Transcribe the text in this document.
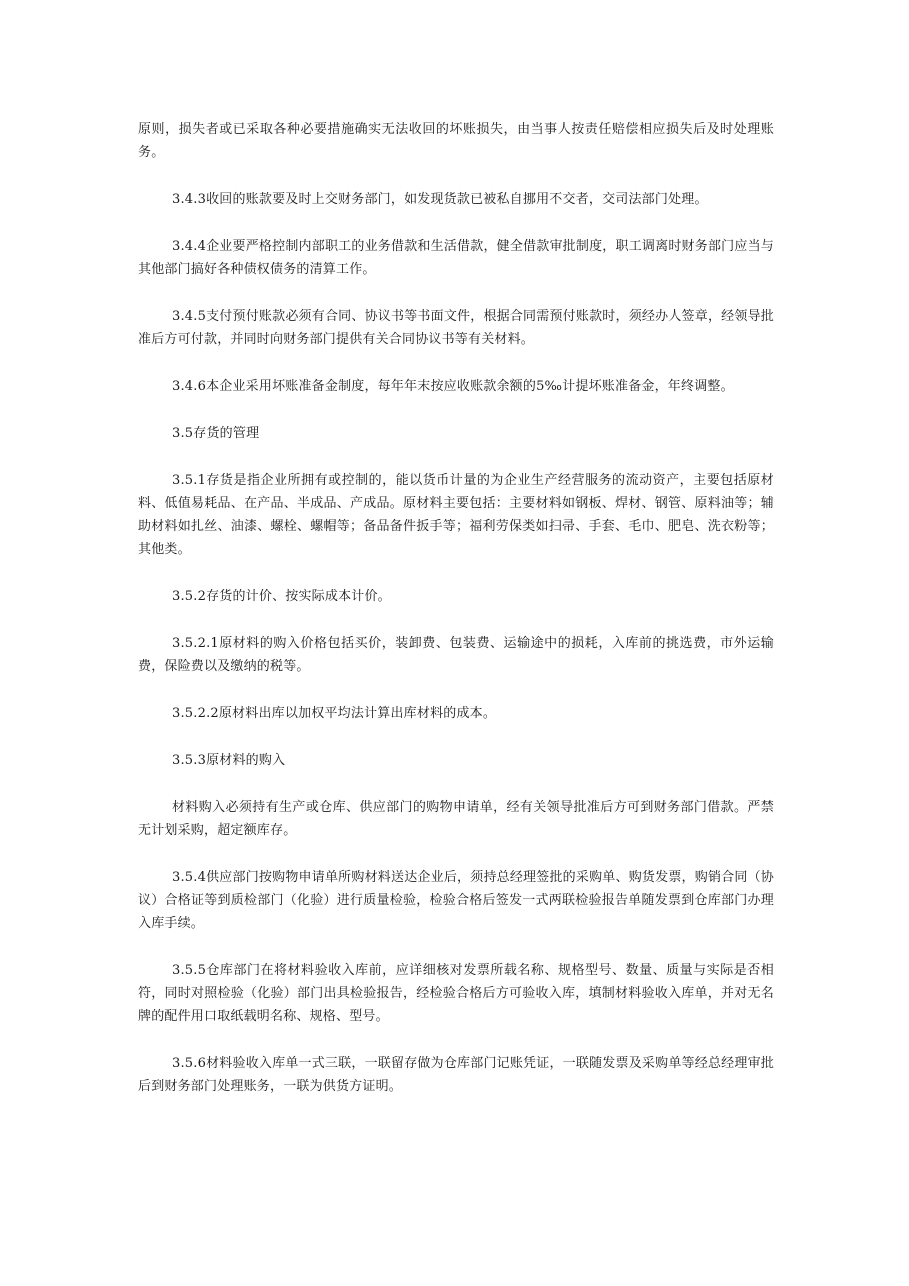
原则，损失者或已采取各种必要措施确实无法收回的坏账损失，由当事人按责任赔偿相应损失后及时处理账务。

3.4.3收回的账款要及时上交财务部门，如发现货款已被私自挪用不交者，交司法部门处理。

3.4.4企业要严格控制内部职工的业务借款和生活借款，健全借款审批制度，职工调离时财务部门应当与其他部门搞好各种债权债务的清算工作。

3.4.5支付预付账款必须有合同、协议书等书面文件，根据合同需预付账款时，须经办人签章，经领导批准后方可付款，并同时向财务部门提供有关合同协议书等有关材料。

3.4.6本企业采用坏账准备金制度，每年年末按应收账款余额的5‰计提坏账准备金，年终调整。

3.5存货的管理

3.5.1存货是指企业所拥有或控制的，能以货币计量的为企业生产经营服务的流动资产，主要包括原材料、低值易耗品、在产品、半成品、产成品。原材料主要包括：主要材料如钢板、焊材、钢管、原料油等；辅助材料如扎丝、油漆、螺栓、螺帽等；备品备件扳手等；福利劳保类如扫帚、手套、毛巾、肥皂、洗衣粉等；其他类。

3.5.2存货的计价、按实际成本计价。

3.5.2.1原材料的购入价格包括买价，装卸费、包装费、运输途中的损耗，入库前的挑选费，市外运输费，保险费以及缴纳的税等。

3.5.2.2原材料出库以加权平均法计算出库材料的成本。

3.5.3原材料的购入

材料购入必须持有生产或仓库、供应部门的购物申请单，经有关领导批准后方可到财务部门借款。严禁无计划采购，超定额库存。

3.5.4供应部门按购物申请单所购材料送达企业后，须持总经理签批的采购单、购货发票，购销合同（协议）合格证等到质检部门（化验）进行质量检验，检验合格后签发一式两联检验报告单随发票到仓库部门办理入库手续。

3.5.5仓库部门在将材料验收入库前，应详细核对发票所载名称、规格型号、数量、质量与实际是否相符，同时对照检验（化验）部门出具检验报告，经检验合格后方可验收入库，填制材料验收入库单，并对无名牌的配件用口取纸载明名称、规格、型号。

3.5.6材料验收入库单一式三联，一联留存做为仓库部门记账凭证，一联随发票及采购单等经总经理审批后到财务部门处理账务，一联为供货方证明。
